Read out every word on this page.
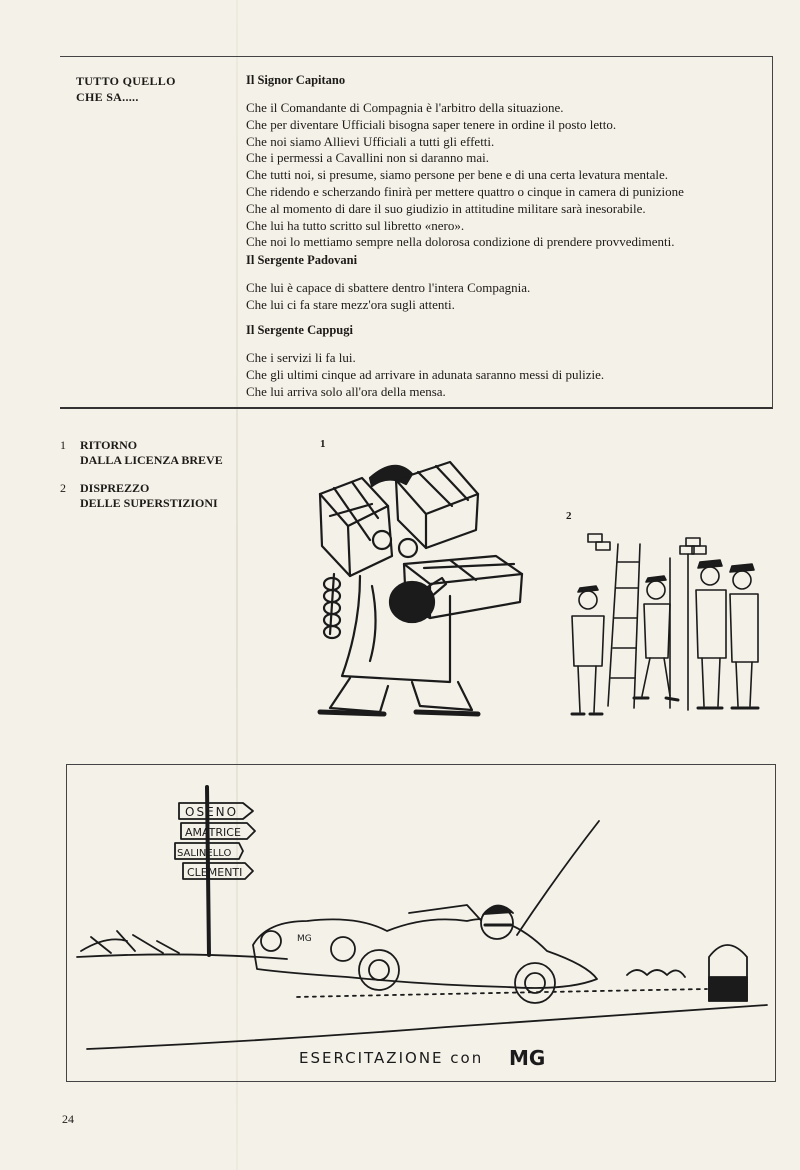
TUTTO QUELLO
CHE SA.....
Il Signor Capitano
Che il Comandante di Compagnia è l'arbitro della situazione.
Che per diventare Ufficiali bisogna saper tenere in ordine il posto letto.
Che noi siamo Allievi Ufficiali a tutti gli effetti.
Che i permessi a Cavallini non si daranno mai.
Che tutti noi, si presume, siamo persone per bene e di una certa levatura mentale.
Che ridendo e scherzando finirà per mettere quattro o cinque in camera di punizione
Che al momento di dare il suo giudizio in attitudine militare sarà inesorabile.
Che lui ha tutto scritto sul libretto «nero».
Che noi lo mettiamo sempre nella dolorosa condizione di prendere provvedimenti.
Il Sergente Padovani
Che lui è capace di sbattere dentro l'intera Compagnia.
Che lui ci fa stare mezz'ora sugli attenti.
Il Sergente Cappugi
Che i servizi li fa lui.
Che gli ultimi cinque ad arrivare in adunata saranno messi di pulizie.
Che lui arriva solo all'ora della mensa.
1 RITORNO
DALLA LICENZA BREVE
2 DISPREZZO
DELLE SUPERSTIZIONI
1
2
OSENO
AMATRICE
SALINELLO
CLEMENTI
MG
ESERCITAZIONE con MG
24
